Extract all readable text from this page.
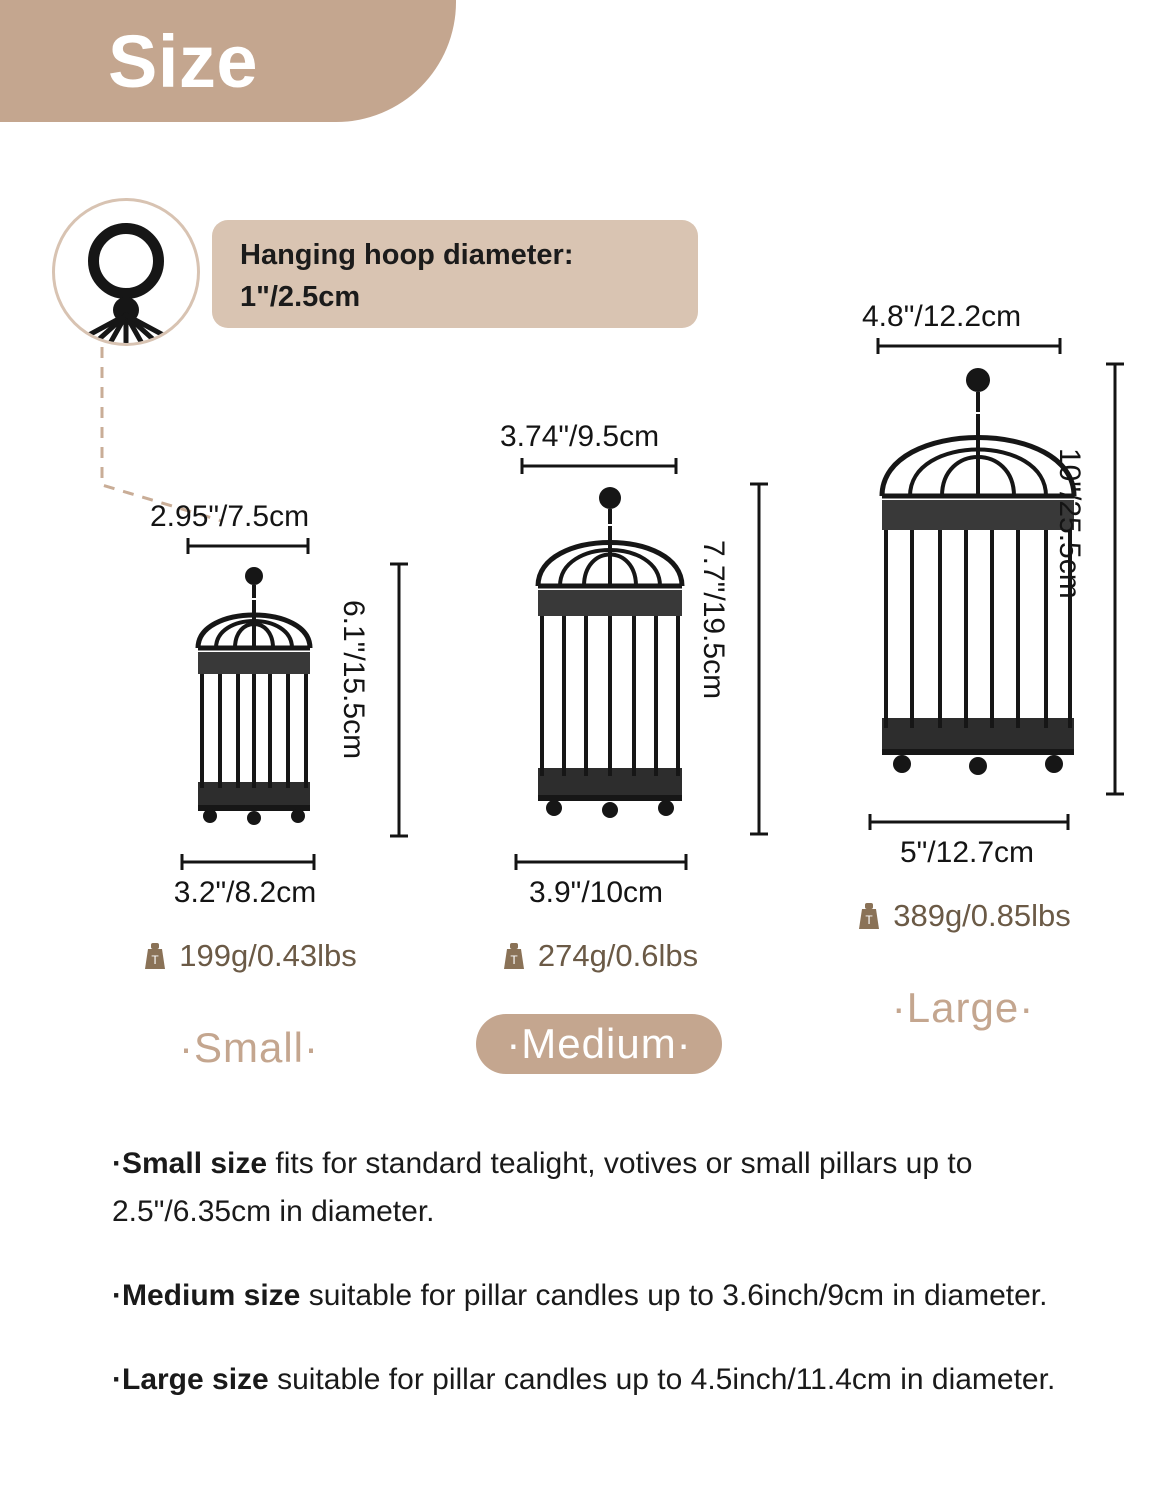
Size
Hanging hoop diameter:
1"/2.5cm
2.95"/7.5cm
6.1"/15.5cm
3.2"/8.2cm
T 199g/0.43lbs
·Small·
3.74"/9.5cm
7.7"/19.5cm
3.9"/10cm
T 274g/0.6lbs
·Medium·
4.8"/12.2cm
10"/25.5cm
5"/12.7cm
T 389g/0.85lbs
·Large·
·Small size fits for standard tealight, votives or small pillars up to 2.5"/6.35cm in diameter.
·Medium size suitable for pillar candles up to 3.6inch/9cm in diameter.
·Large size suitable for pillar candles up to 4.5inch/11.4cm in diameter.
